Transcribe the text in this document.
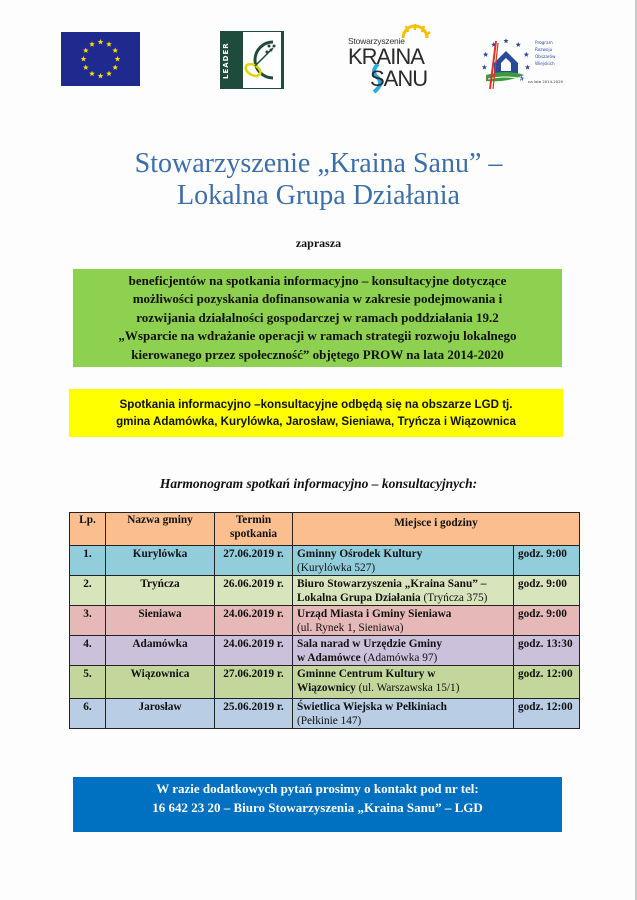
LEADER
Stowarzyszenie
KRAINA
SANU
Program
Rozwoju
Obszarów
Wiejskich
na lata 2014-2020
Stowarzyszenie „Kraina Sanu” –
Lokalna Grupa Działania
zaprasza
beneficjentów na spotkania informacyjno – konsultacyjne dotyczące
możliwości pozyskania dofinansowania w zakresie podejmowania i
rozwijania działalności gospodarczej w ramach poddziałania 19.2
„Wsparcie na wdrażanie operacji w ramach strategii rozwoju lokalnego
kierowanego przez społeczność” objętego PROW na lata 2014-2020
Spotkania informacyjno –konsultacyjne odbędą się na obszarze LGD tj.
gmina Adamówka, Kurylówka, Jarosław, Sieniawa, Tryńcza i Wiązownica
Harmonogram spotkań informacyjno – konsultacyjnych:
Lp.	Nazwa gminy	Termin
spotkania	Miejsce i godziny	
1.	Kurylówka	27.06.2019 r.	Gminny Ośrodek Kultury
(Kurylówka 527)	godz. 9:00
2.	Tryńcza	26.06.2019 r.	Biuro Stowarzyszenia „Kraina Sanu” –
Lokalna Grupa Działania (Tryńcza 375)	godz. 9:00
3.	Sieniawa	24.06.2019 r.	Urząd Miasta i Gminy Sieniawa
(ul. Rynek 1, Sieniawa)	godz. 9:00
4.	Adamówka	24.06.2019 r.	Sala narad w Urzędzie Gminy
w Adamówce (Adamówka 97)	godz. 13:30
5.	Wiązownica	27.06.2019 r.	Gminne Centrum Kultury w
Wiązownicy (ul. Warszawska 15/1)	godz. 12:00
6.	Jarosław	25.06.2019 r.	Świetlica Wiejska w Pełkiniach
(Pełkinie 147)	godz. 12:00
W razie dodatkowych pytań prosimy o kontakt pod nr tel:
16 642 23 20 – Biuro Stowarzyszenia „Kraina Sanu” – LGD
